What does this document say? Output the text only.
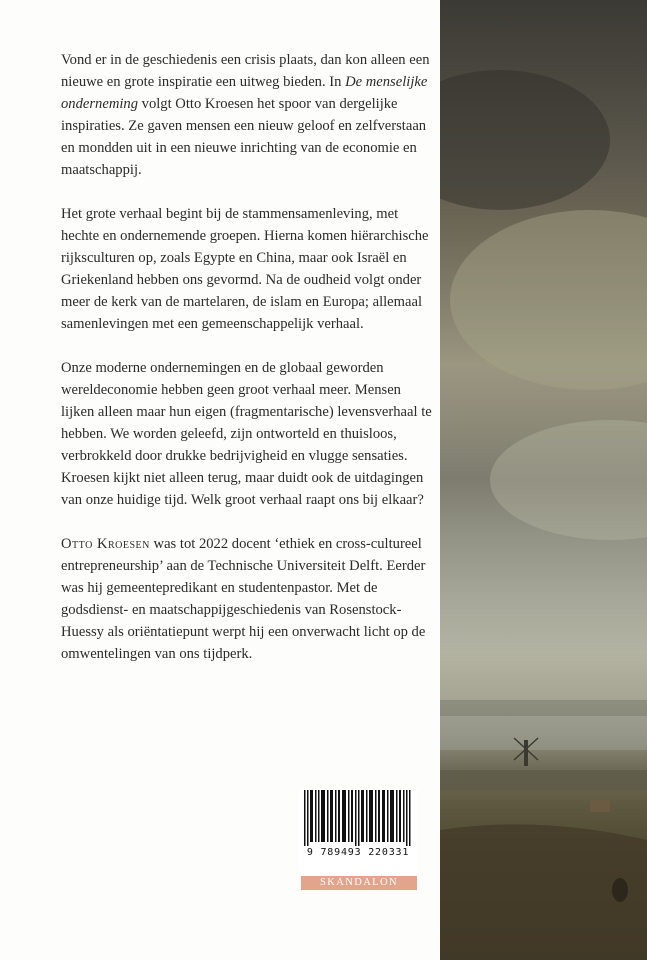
Vond er in de geschiedenis een crisis plaats, dan kon alleen een nieuwe en grote inspiratie een uitweg bieden. In De menselijke onderneming volgt Otto Kroesen het spoor van dergelijke inspiraties. Ze gaven mensen een nieuw geloof en zelfverstaan en mondden uit in een nieuwe inrichting van de economie en maatschappij.

Het grote verhaal begint bij de stammensamenleving, met hechte en ondernemende groepen. Hierna komen hiërarchische rijksculturen op, zoals Egypte en China, maar ook Israël en Griekenland hebben ons gevormd. Na de oudheid volgt onder meer de kerk van de martelaren, de islam en Europa; allemaal samenlevingen met een gemeenschappelijk verhaal.

Onze moderne ondernemingen en de globaal geworden wereldeconomie hebben geen groot verhaal meer. Mensen lijken alleen maar hun eigen (fragmentarische) levensverhaal te hebben. We worden geleefd, zijn ontworteld en thuisloos, verbrokkeld door drukke bedrijvigheid en vlugge sensaties. Kroesen kijkt niet alleen terug, maar duidt ook de uitdagingen van onze huidige tijd. Welk groot verhaal raapt ons bij elkaar?

Otto Kroesen was tot 2022 docent ‘ethiek en cross-cultureel entrepreneurship’ aan de Technische Universiteit Delft. Eerder was hij gemeentepredikant en studentenpastor. Met de godsdienst- en maatschappijgeschiedenis van Rosenstock-Huessy als oriëntatiepunt werpt hij een onverwacht licht op de omwentelingen van ons tijdperk.

9 789493 220331
SKANDALON
